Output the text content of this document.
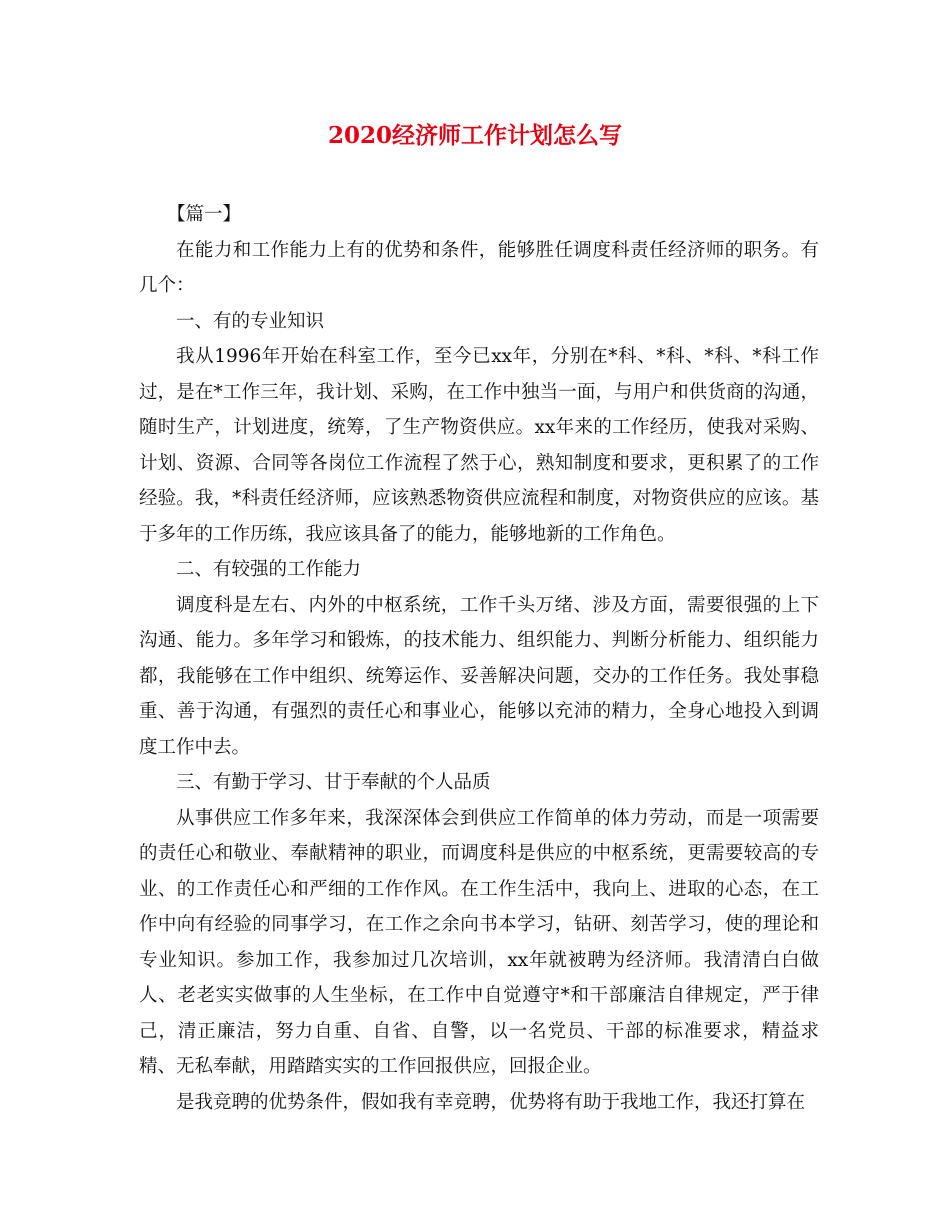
2020经济师工作计划怎么写

【篇一】

在能力和工作能力上有的优势和条件，能够胜任调度科责任经济师的职务。有几个：

一、有的专业知识

我从1996年开始在科室工作，至今已xx年，分别在*科、*科、*科、*科工作过，是在*工作三年，我计划、采购，在工作中独当一面，与用户和供货商的沟通，随时生产，计划进度，统筹，了生产物资供应。xx年来的工作经历，使我对采购、计划、资源、合同等各岗位工作流程了然于心，熟知制度和要求，更积累了的工作经验。我，*科责任经济师，应该熟悉物资供应流程和制度，对物资供应的应该。基于多年的工作历练，我应该具备了的能力，能够地新的工作角色。

二、有较强的工作能力

调度科是左右、内外的中枢系统，工作千头万绪、涉及方面，需要很强的上下沟通、能力。多年学习和锻炼，的技术能力、组织能力、判断分析能力、组织能力都，我能够在工作中组织、统筹运作、妥善解决问题，交办的工作任务。我处事稳重、善于沟通，有强烈的责任心和事业心，能够以充沛的精力，全身心地投入到调度工作中去。

三、有勤于学习、甘于奉献的个人品质

从事供应工作多年来，我深深体会到供应工作简单的体力劳动，而是一项需要的责任心和敬业、奉献精神的职业，而调度科是供应的中枢系统，更需要较高的专业、的工作责任心和严细的工作作风。在工作生活中，我向上、进取的心态，在工作中向有经验的同事学习，在工作之余向书本学习，钻研、刻苦学习，使的理论和专业知识。参加工作，我参加过几次培训，xx年就被聘为经济师。我清清白白做人、老老实实做事的人生坐标，在工作中自觉遵守*和干部廉洁自律规定，严于律己，清正廉洁，努力自重、自省、自警，以一名党员、干部的标准要求，精益求精、无私奉献，用踏踏实实的工作回报供应，回报企业。

是我竞聘的优势条件，假如我有幸竞聘，优势将有助于我地工作，我还打算在
